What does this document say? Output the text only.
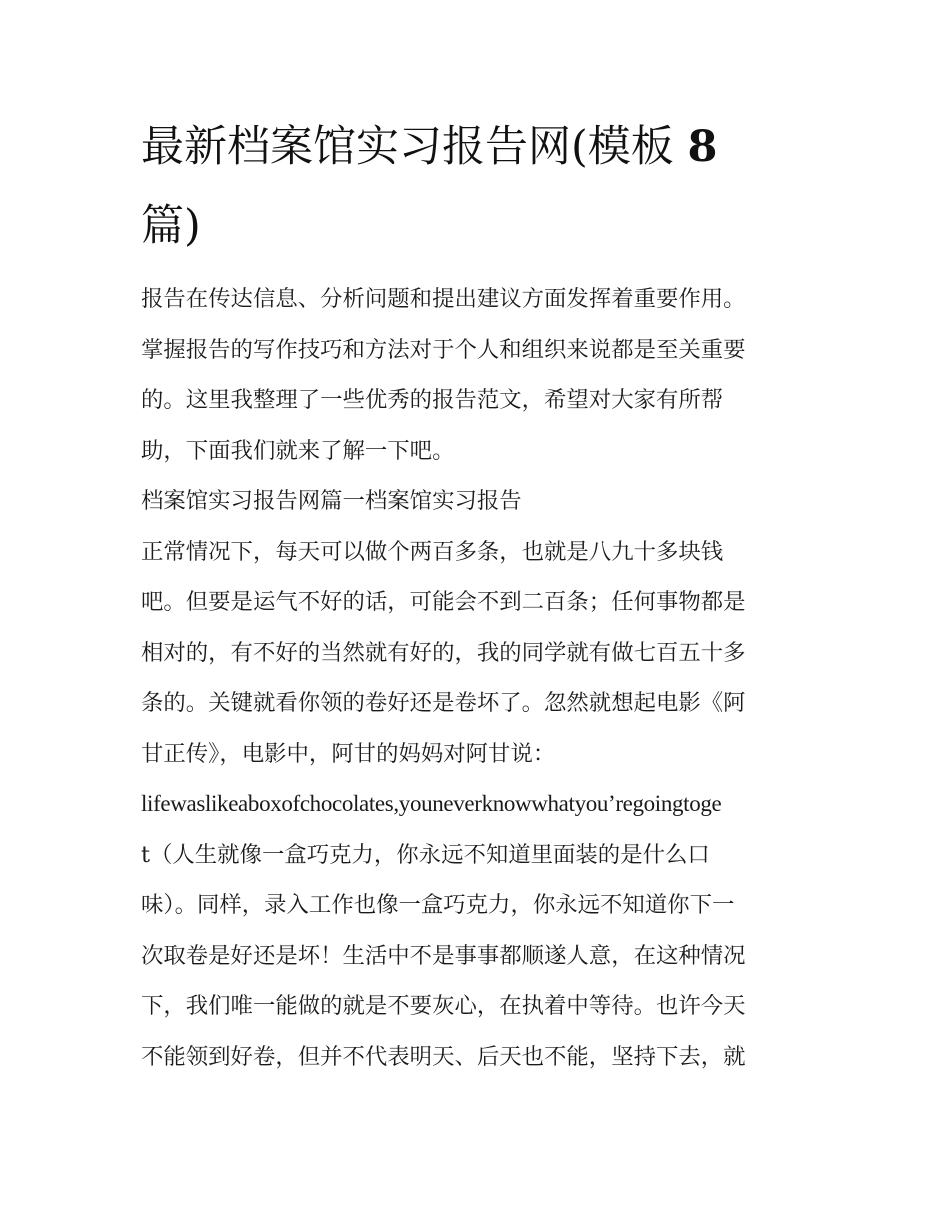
最新档案馆实习报告网(模板 8
篇)
报告在传达信息、分析问题和提出建议方面发挥着重要作用。
掌握报告的写作技巧和方法对于个人和组织来说都是至关重要
的。这里我整理了一些优秀的报告范文，希望对大家有所帮
助，下面我们就来了解一下吧。
档案馆实习报告网篇一档案馆实习报告
正常情况下，每天可以做个两百多条，也就是八九十多块钱
吧。但要是运气不好的话，可能会不到二百条；任何事物都是
相对的，有不好的当然就有好的，我的同学就有做七百五十多
条的。关键就看你领的卷好还是卷坏了。忽然就想起电影《阿
甘正传》，电影中，阿甘的妈妈对阿甘说：
lifewaslikeaboxofchocolates,youneverknowwhatyou’regoingtoge
t（人生就像一盒巧克力，你永远不知道里面装的是什么口
味）。同样，录入工作也像一盒巧克力，你永远不知道你下一
次取卷是好还是坏！生活中不是事事都顺遂人意，在这种情况
下，我们唯一能做的就是不要灰心，在执着中等待。也许今天
不能领到好卷，但并不代表明天、后天也不能，坚持下去，就
